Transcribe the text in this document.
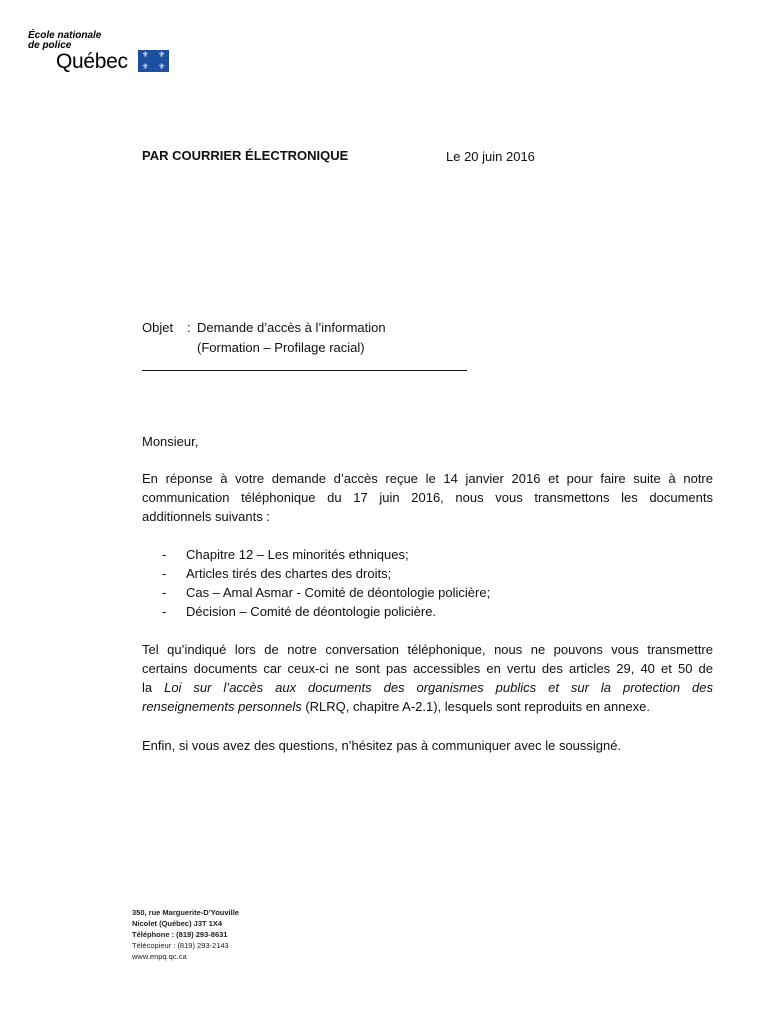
École nationale
de police
Québec	⚜	⚜
⚜	⚜
PAR COURRIER ÉLECTRONIQUE	Le 20 juin 2016
Objet : Demande d’accès à l’information
(Formation – Profilage racial)
Monsieur,
En réponse à votre demande d’accès reçue le 14 janvier 2016 et pour faire suite à notre
communication téléphonique du 17 juin 2016, nous vous transmettons les documents
additionnels suivants :
-	Chapitre 12 – Les minorités ethniques;
-	Articles tirés des chartes des droits;
-	Cas – Amal Asmar - Comité de déontologie policière;
-	Décision – Comité de déontologie policière.
Tel qu’indiqué lors de notre conversation téléphonique, nous ne pouvons vous transmettre
certains documents car ceux-ci ne sont pas accessibles en vertu des articles 29, 40 et 50 de
la Loi sur l’accès aux documents des organismes publics et sur la protection des
renseignements personnels (RLRQ, chapitre A-2.1), lesquels sont reproduits en annexe.
Enfin, si vous avez des questions, n’hésitez pas à communiquer avec le soussigné.
350, rue Marguerite-D’Youville
Nicolet (Québec) J3T 1X4
Téléphone : (819) 293-8631
Télécopieur : (819) 293-2143
www.enpq.qc.ca
